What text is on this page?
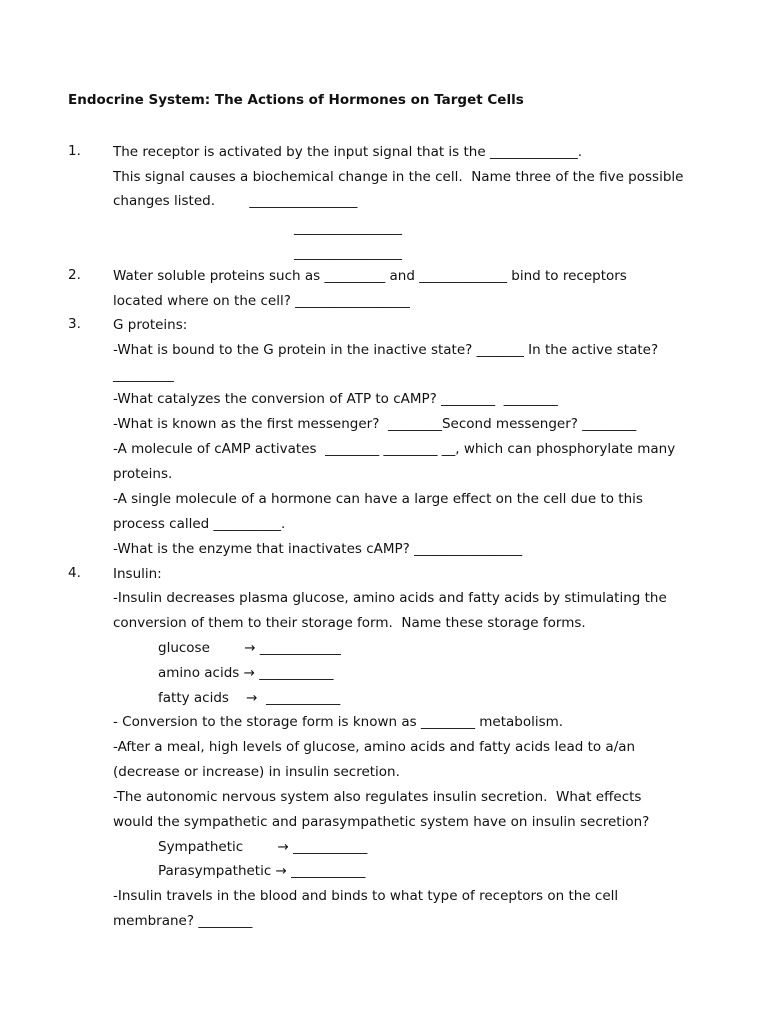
Endocrine System: The Actions of Hormones on Target Cells
1.
2.
3.
4.
The receptor is activated by the input signal that is the _____________.
This signal causes a biochemical change in the cell.  Name three of the five possible
changes listed.        ________________
________________
________________
Water soluble proteins such as _________ and _____________ bind to receptors
located where on the cell? _________________
G proteins:
-What is bound to the G protein in the inactive state? _______ In the active state?
_________
-What catalyzes the conversion of ATP to cAMP? ________  ________
-What is known as the first messenger?  ________Second messenger? ________
-A molecule of cAMP activates  ________ ________ __, which can phosphorylate many
proteins.
-A single molecule of a hormone can have a large effect on the cell due to this
process called __________.
-What is the enzyme that inactivates cAMP? ________________
Insulin:
-Insulin decreases plasma glucose, amino acids and fatty acids by stimulating the
conversion of them to their storage form.  Name these storage forms.
glucose        → ____________
amino acids → ___________
fatty acids    →  ___________
- Conversion to the storage form is known as ________ metabolism.
-After a meal, high levels of glucose, amino acids and fatty acids lead to a/an
(decrease or increase) in insulin secretion.
-The autonomic nervous system also regulates insulin secretion.  What effects
would the sympathetic and parasympathetic system have on insulin secretion?
Sympathetic        → ___________
Parasympathetic → ___________
-Insulin travels in the blood and binds to what type of receptors on the cell
membrane? ________
